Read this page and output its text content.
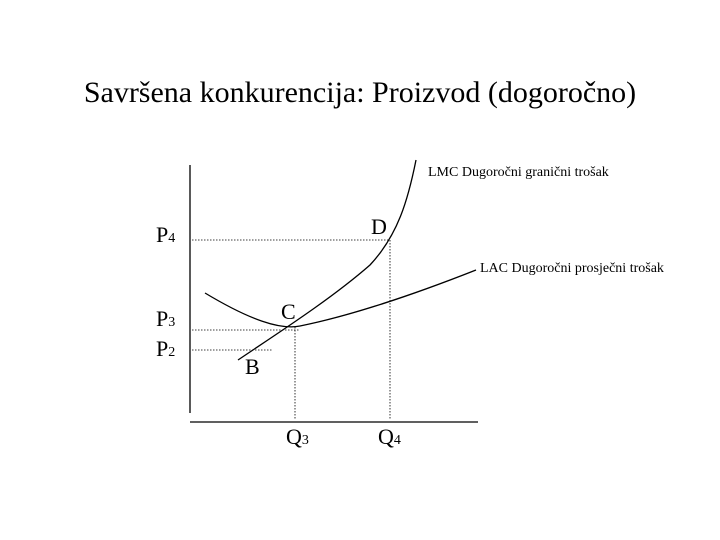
Savršena konkurencija: Proizvod (dogoročno)
LMC Dugoročni granični trošak
LAC Dugoročni prosječni trošak
P4
P3
P2
Q3	Q4
B
C
D
